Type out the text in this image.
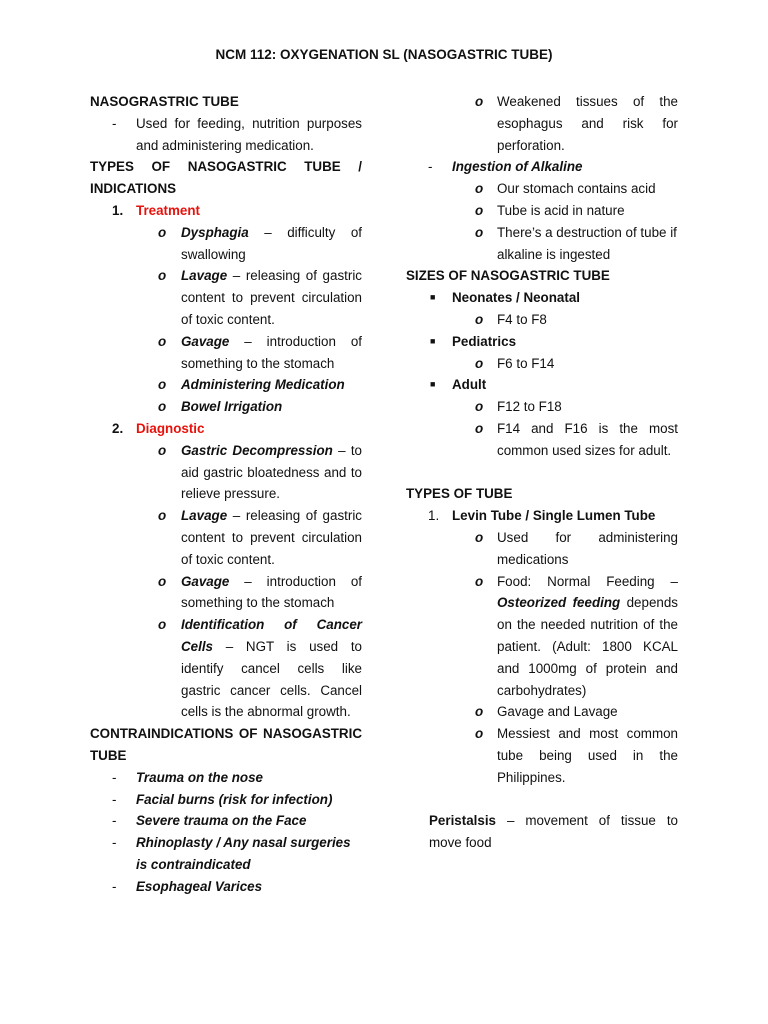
NCM 112: OXYGENATION SL (NASOGASTRIC TUBE)
NASOGRASTRIC TUBE
- Used for feeding, nutrition purposes and administering medication.
TYPES OF NASOGASTRIC TUBE / INDICATIONS
1. Treatment
o Dysphagia – difficulty of swallowing
o Lavage – releasing of gastric content to prevent circulation of toxic content.
o Gavage – introduction of something to the stomach
o Administering Medication
o Bowel Irrigation
2. Diagnostic
o Gastric Decompression – to aid gastric bloatedness and to relieve pressure.
o Lavage – releasing of gastric content to prevent circulation of toxic content.
o Gavage – introduction of something to the stomach
o Identification of Cancer Cells – NGT is used to identify cancel cells like gastric cancer cells. Cancel cells is the abnormal growth.
CONTRAINDICATIONS OF NASOGASTRIC TUBE
- Trauma on the nose
- Facial burns (risk for infection)
- Severe trauma on the Face
- Rhinoplasty / Any nasal surgeries is contraindicated
- Esophageal Varices
o Weakened tissues of the esophagus and risk for perforation.
- Ingestion of Alkaline
o Our stomach contains acid
o Tube is acid in nature
o There’s a destruction of tube if alkaline is ingested
SIZES OF NASOGASTRIC TUBE
■ Neonates / Neonatal
o F4 to F8
■ Pediatrics
o F6 to F14
■ Adult
o F12 to F18
o F14 and F16 is the most common used sizes for adult.
TYPES OF TUBE
1. Levin Tube / Single Lumen Tube
o Used for administering medications
o Food: Normal Feeding – Osteorized feeding depends on the needed nutrition of the patient. (Adult: 1800 KCAL and 1000mg of protein and carbohydrates)
o Gavage and Lavage
o Messiest and most common tube being used in the Philippines.
Peristalsis – movement of tissue to move food
